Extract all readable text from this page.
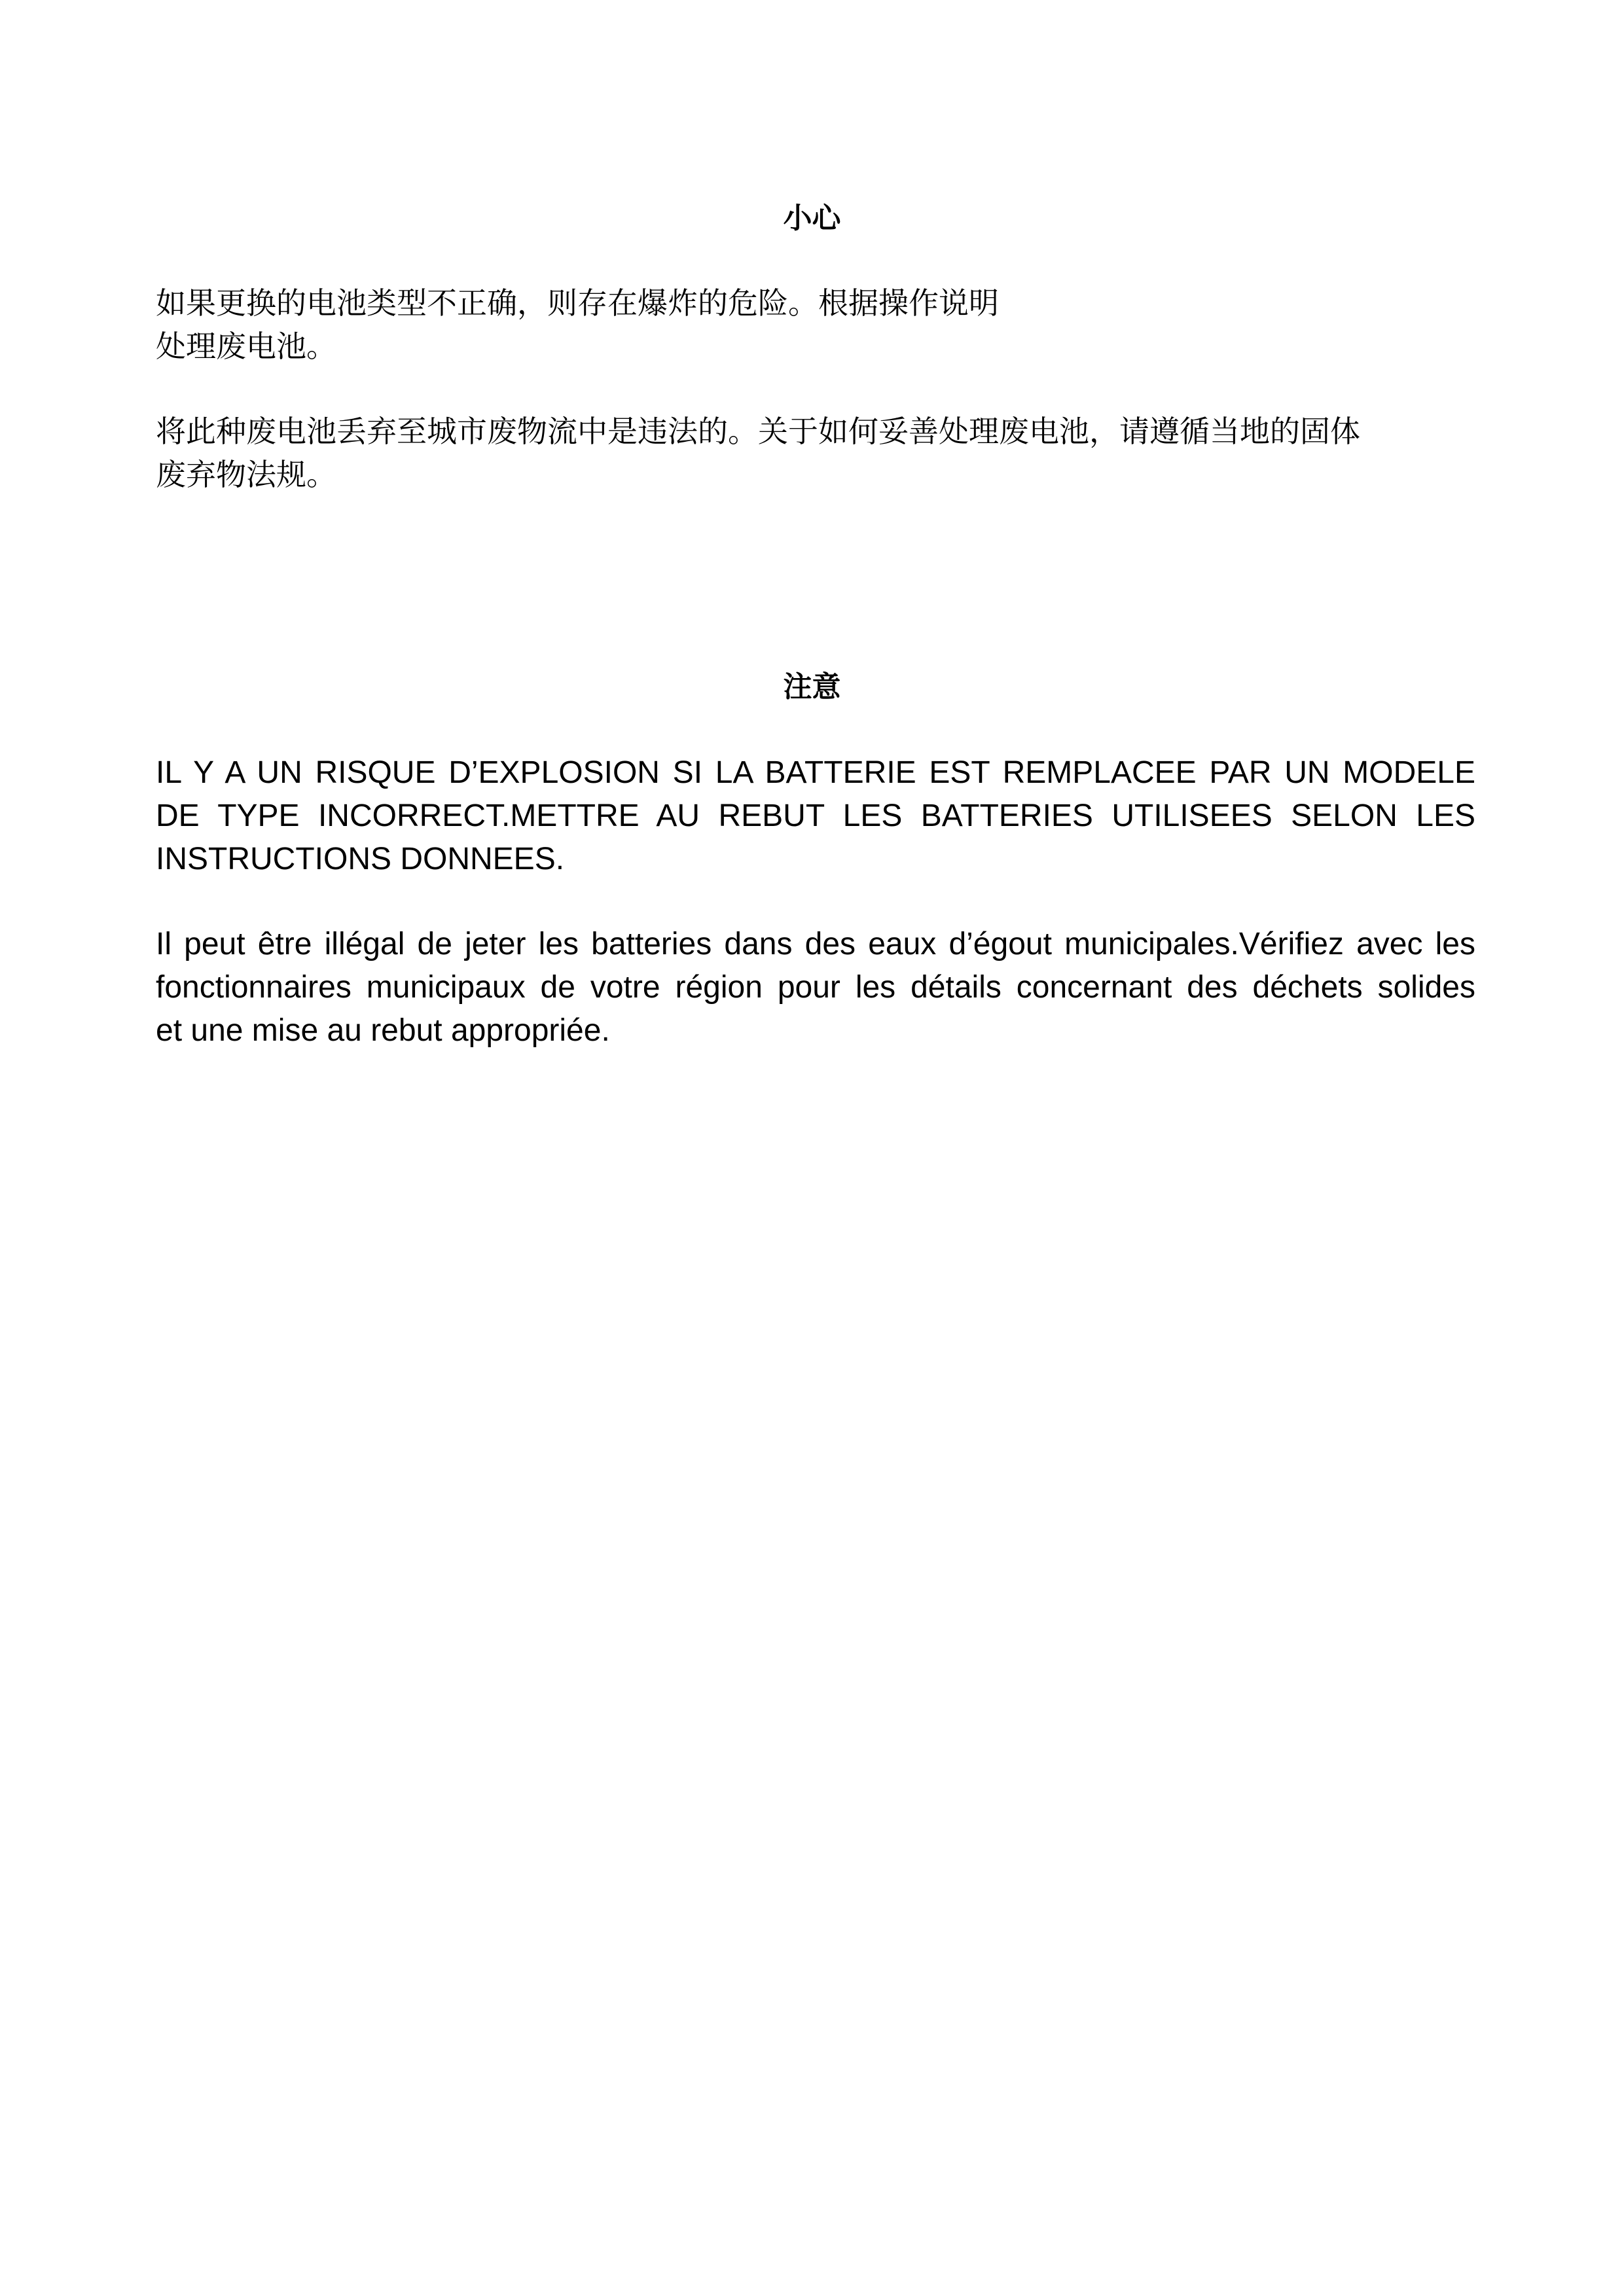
小心
如果更换的电池类型不正确，则存在爆炸的危险。根据操作说明
处理废电池。
将此种废电池丢弃至城市废物流中是违法的。关于如何妥善处理废电池，请遵循当地的固体
废弃物法规。
注意
IL Y A UN RISQUE D’EXPLOSION SI LA BATTERIE EST REMPLACEE PAR UN MODELE
DE TYPE INCORRECT.METTRE AU REBUT LES BATTERIES UTILISEES SELON LES
INSTRUCTIONS DONNEES.
Il peut être illégal de jeter les batteries dans des eaux d’égout municipales.Vérifiez avec les
fonctionnaires municipaux de votre région pour les détails concernant des déchets solides
et une mise au rebut appropriée.
